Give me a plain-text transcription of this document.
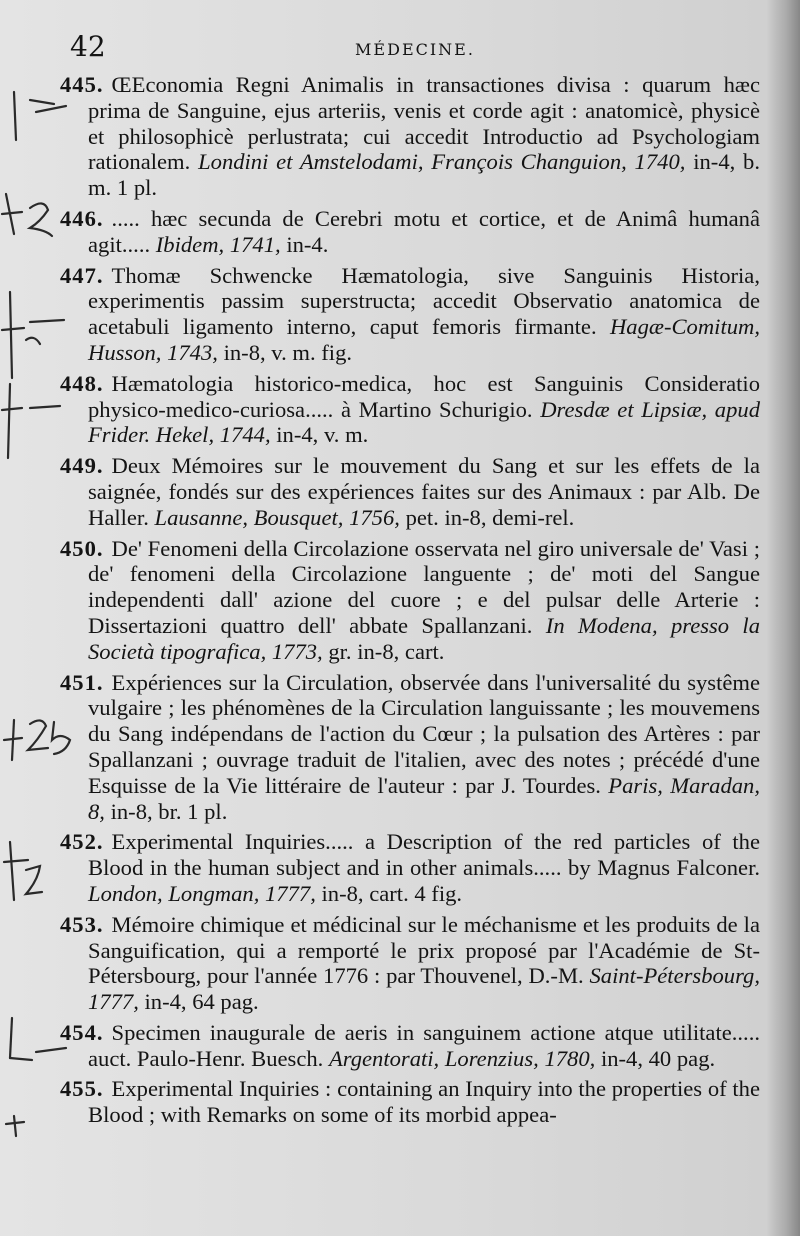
42	MÉDECINE.

445. ŒEconomia Regni Animalis in transactiones divisa : quarum hæc prima de Sanguine, ejus arteriis, venis et corde agit : anatomicè, physicè et philosophicè perlustrata; cui accedit Introductio ad Psychologiam rationalem. Londini et Amstelodami, François Changuion, 1740, in-4, b. m. 1 pl.

446. ..... hæc secunda de Cerebri motu et cortice, et de Animâ humanâ agit..... Ibidem, 1741, in-4.

447. Thomæ Schwencke Hæmatologia, sive Sanguinis Historia, experimentis passim superstructa; accedit Observatio anatomica de acetabuli ligamento interno, caput femoris firmante. Hagæ-Comitum, Husson, 1743, in-8, v. m. fig.

448. Hæmatologia historico-medica, hoc est Sanguinis Consideratio physico-medico-curiosa..... à Martino Schurigio. Dresdæ et Lipsiæ, apud Frider. Hekel, 1744, in-4, v. m.

449. Deux Mémoires sur le mouvement du Sang et sur les effets de la saignée, fondés sur des expériences faites sur des Animaux : par Alb. De Haller. Lausanne, Bousquet, 1756, pet. in-8, demi-rel.

450. De' Fenomeni della Circolazione osservata nel giro universale de' Vasi ; de' fenomeni della Circolazione languente ; de' moti del Sangue independenti dall' azione del cuore ; e del pulsar delle Arterie : Dissertazioni quattro dell' abbate Spallanzani. In Modena, presso la Società tipografica, 1773, gr. in-8, cart.

451. Expériences sur la Circulation, observée dans l'universalité du systême vulgaire ; les phénomènes de la Circulation languissante ; les mouvemens du Sang indépendans de l'action du Cœur ; la pulsation des Artères : par Spallanzani ; ouvrage traduit de l'italien, avec des notes ; précédé d'une Esquisse de la Vie littéraire de l'auteur : par J. Tourdes. Paris, Maradan, 8, in-8, br. 1 pl.

452. Experimental Inquiries..... a Description of the red particles of the Blood in the human subject and in other animals..... by Magnus Falconer. London, Longman, 1777, in-8, cart. 4 fig.

453. Mémoire chimique et médicinal sur le méchanisme et les produits de la Sanguification, qui a remporté le prix proposé par l'Académie de St-Pétersbourg, pour l'année 1776 : par Thouvenel, D.-M. Saint-Pétersbourg, 1777, in-4, 64 pag.

454. Specimen inaugurale de aeris in sanguinem actione atque utilitate..... auct. Paulo-Henr. Buesch. Argentorati, Lorenzius, 1780, in-4, 40 pag.

455. Experimental Inquiries : containing an Inquiry into the properties of the Blood ; with Remarks on some of its morbid appea-
